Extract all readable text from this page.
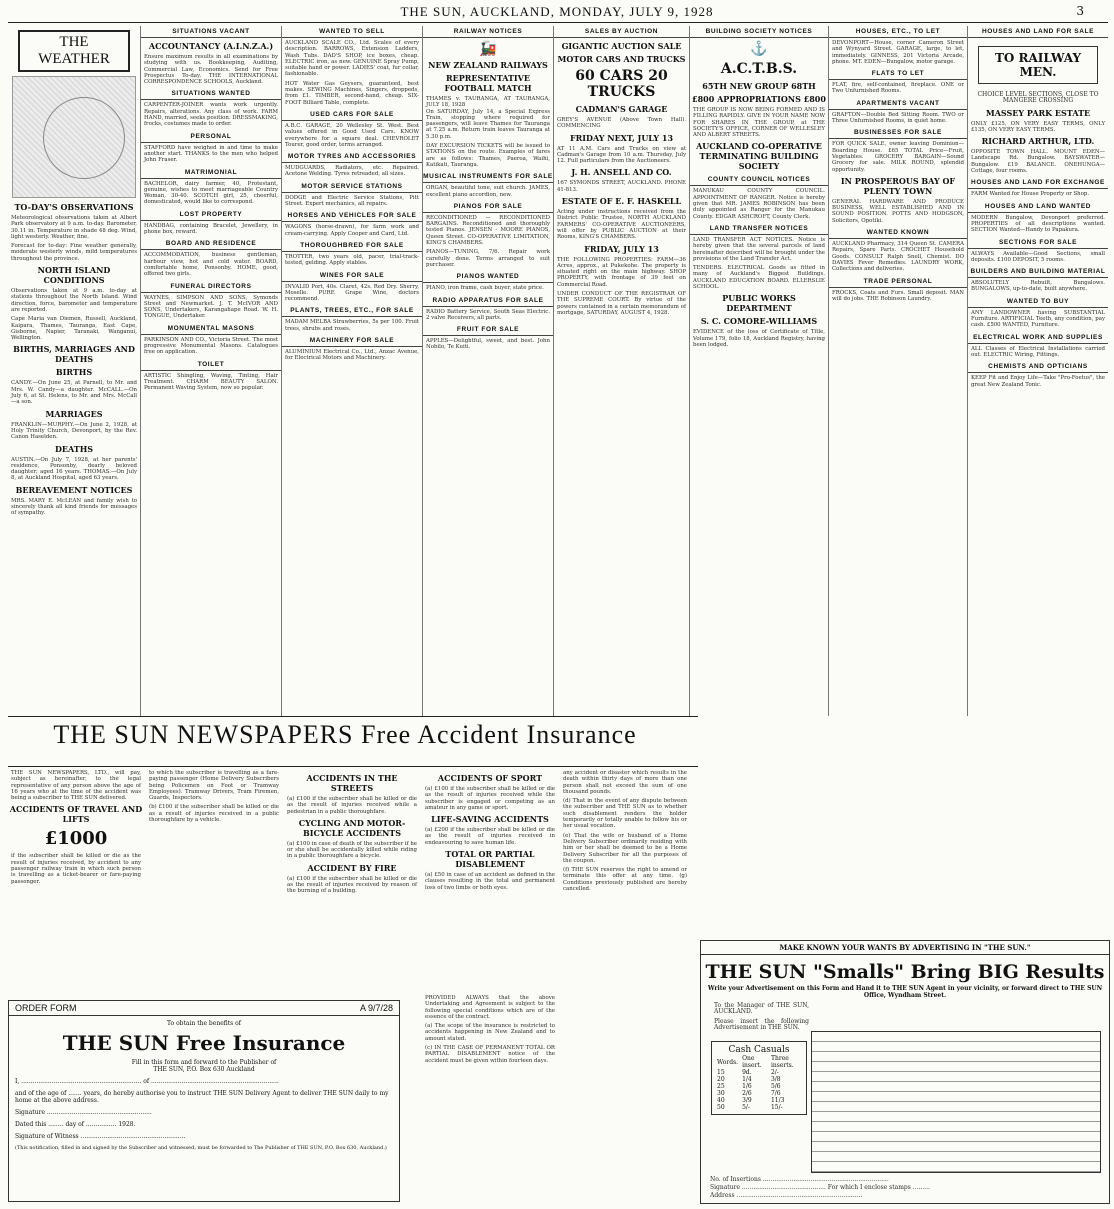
THE SUN, AUCKLAND, MONDAY, JULY 9, 1928	3
THE WEATHER
TO-DAY'S OBSERVATIONS

Meteorological observations taken at Albert Park observatory at 9 a.m. to-day. Barometer, 30.11 in. Temperature in shade 48 deg. Wind, light westerly. Weather, fine.

Forecast for to-day: Fine weather generally, moderate westerly winds, mild temperatures throughout the province.

NORTH ISLAND CONDITIONS

Observations taken at 9 a.m. to-day at stations throughout the North Island. Wind direction, force, barometer and temperature are reported.

Cape Maria van Diemen, Russell, Auckland, Kaipara, Thames, Tauranga, East Cape, Gisborne, Napier, Taranaki, Wanganui, Wellington.

BIRTHS, MARRIAGES AND DEATHS
BIRTHS

CANDY.—On June 25, at Parnell, to Mr. and Mrs. W. Candy—a daughter. McCALL.—On July 6, at St. Helens, to Mr. and Mrs. McCall—a son.

MARRIAGES

FRANKLIN—MURPHY.—On June 2, 1928, at Holy Trinity Church, Devonport, by the Rev. Canon Haselden.

DEATHS

AUSTIN.—On July 7, 1928, at her parents' residence, Ponsonby, dearly beloved daughter; aged 16 years. THOMAS.—On July 8, at Auckland Hospital, aged 63 years.

BEREAVEMENT NOTICES

MRS. MARY E. McLEAN and family wish to sincerely thank all kind friends for messages of sympathy.

SITUATIONS VACANT
ACCOUNTANCY (A.I.N.Z.A.)

Ensure maximum results in all examinations by studying with us. Bookkeeping, Auditing, Commercial Law, Economics. Send for Free Prospectus To-day. THE INTERNATIONAL CORRESPONDENCE SCHOOLS, Auckland.

SITUATIONS WANTED

CARPENTER-JOINER wants work urgently. Repairs, alterations. Any class of work. FARM HAND, married, seeks position. DRESSMAKING, frocks, costumes made to order.

PERSONAL

STAFFORD have weighed in and time to make another start. THANKS to the men who helped John Fraser.

MATRIMONIAL

BACHELOR, dairy farmer, 40, Protestant, genuine, wishes to meet marriageable Country Woman, 30-40. SCOTCH girl, 25, cheerful, domesticated, would like to correspond.

LOST PROPERTY

HANDBAG, containing Bracelet, Jewellery, in phone box, reward.

BOARD AND RESIDENCE

ACCOMMODATION, business gentleman, harbour view, hot and cold water. BOARD, comfortable home, Ponsonby. HOME, good, offered two girls.

FUNERAL DIRECTORS

WAYNES, SIMPSON AND SONS, Symonds Street and Newmarket. J. T. McIVOR AND SONS, Undertakers, Karangahape Road. W. H. TONGUE, Undertaker.

MONUMENTAL MASONS

PARKINSON AND CO., Victoria Street. The most progressive Monumental Masons. Catalogues free on application.

TOILET

ARTISTIC Shingling, Waving, Tinting, Hair Treatment. CHARM BEAUTY SALON. Permanent Waving System, now so popular.

WANTED TO SELL

AUCKLAND SCALE CO., Ltd. Scales of every description. BARROWS, Extension Ladders, Wash Tubs. DAD'S SHOP, ice boxes, cheap. ELECTRIC iron, as new. GENUINE Spray Pump, suitable hand or power. LADIES' coat, fur collar, fashionable.

HOT Water Gas Geysers, guaranteed, best makes. SEWING Machines, Singers, droppeds, from £1. TIMBER, second-hand, cheap. SIX-FOOT Billiard Table, complete.

USED CARS FOR SALE

A.B.C. GARAGE, 20 Wellesley St. West. Best values offered in Good Used Cars. KNOW everywhere for a square deal. CHEVROLET Tourer, good order, terms arranged.

MOTOR TYRES AND ACCESSORIES

MUDGUARDS, Radiators, etc. Repaired. Acetone Welding. Tyres retreaded, all sizes.

MOTOR SERVICE STATIONS

DODGE and Electric Service Stations, Pitt Street. Expert mechanics, all repairs.

HORSES AND VEHICLES FOR SALE

WAGONS (horse-drawn), for farm work and cream-carrying. Apply Cooper and Card, Ltd.

THOROUGHBRED FOR SALE

TROTTER, two years old, pacer, trial-track-tested, gelding. Apply stables.

WINES FOR SALE

INVALID Port, 40s. Claret, 42s. Red Dry. Sherry, Moselle. PURE Grape Wine, doctors recommend.

PLANTS, TREES, ETC., FOR SALE

MADAM MELBA Strawberries, 5s per 100. Fruit trees, shrubs and roses.

MACHINERY FOR SALE

ALUMINIUM Electrical Co., Ltd., Anzac Avenue, for Electrical Motors and Machinery.

RAILWAY NOTICES
🚂
NEW ZEALAND RAILWAYS
REPRESENTATIVE FOOTBALL MATCH
THAMES v. TAURANGA, AT TAURANGA, JULY 18, 1928

On SATURDAY, July 14, a Special Express Train, stopping where required for passengers, will leave Thames for Tauranga at 7.25 a.m. Return train leaves Tauranga at 5.30 p.m.

DAY EXCURSION TICKETS will be issued to STATIONS on the route. Examples of fares are as follows: Thames, Paeroa, Waihi, Katikati, Tauranga.

MUSICAL INSTRUMENTS FOR SALE

ORGAN, beautiful tone, suit church. JAMES, excellent piano accordion, new.

PIANOS FOR SALE

RECONDITIONED — RECONDITIONED BARGAINS. Reconditioned and thoroughly tested Pianos. JENSEN - MOORE PIANOS, Queen Street. CO-OPERATIVE LIMITATION, KING'S CHAMBERS.

PIANOS—TUNING, 7/6. Repair work carefully done. Terms arranged to suit purchaser.

PIANOS WANTED

PIANO, iron frame, cash buyer, state price.

RADIO APPARATUS FOR SALE

RADIO Battery Service, South Seas Electric. 2 valve Receivers, all parts.

FRUIT FOR SALE

APPLES—Delightful, sweet, and best. John Nobilo, Te Kuiti.

SALES BY AUCTION
GIGANTIC AUCTION SALE
MOTOR CARS AND TRUCKS
60 CARS 20 TRUCKS
CADMAN'S GARAGE

GREY'S AVENUE (Above Town Hall). COMMENCING

FRIDAY NEXT, JULY 13

AT 11 A.M. Cars and Trucks on view at Cadman's Garage from 10 a.m. Thursday, July 12. Full particulars from the Auctioneers.

J. H. ANSELL AND CO.

167 SYMONDS STREET, AUCKLAND. PHONE 41-813.

ESTATE OF E. F. HASKELL

Acting under instructions received from the District Public Trustee, NORTH AUCKLAND FARMERS' CO-OPERATIVE AUCTIONEERS, will offer by PUBLIC AUCTION at their Rooms, KING'S CHAMBERS.

FRIDAY, JULY 13

THE FOLLOWING PROPERTIES: FARM—36 Acres, approx., at Pukekohe. The property is situated right on the main highway. SHOP PROPERTY, with frontage of 39 feet on Commercial Road.

UNDER CONDUCT OF THE REGISTRAR OF THE SUPREME COURT. By virtue of the powers contained in a certain memorandum of mortgage, SATURDAY, AUGUST 4, 1928.

BUILDING SOCIETY NOTICES
⚓
A.C.T.B.S.
65TH NEW GROUP 68TH
£800 APPROPRIATIONS £800

THE GROUP IS NOW BEING FORMED AND IS FILLING RAPIDLY. GIVE IN YOUR NAME NOW FOR SHARES IN THE GROUP, at THE SOCIETY'S OFFICE, CORNER OF WELLESLEY AND ALBERT STREETS.

AUCKLAND CO-OPERATIVE TERMINATING BUILDING SOCIETY
COUNTY COUNCIL NOTICES

MANUKAU COUNTY COUNCIL. APPOINTMENT OF RANGER. Notice is hereby given that MR. JAMES ROBINSON has been duly appointed as Ranger for the Manukau County. EDGAR ASHCROFT, County Clerk.

LAND TRANSFER NOTICES

LAND TRANSFER ACT NOTICES. Notice is hereby given that the several parcels of land hereinafter described will be brought under the provisions of the Land Transfer Act.

TENDERS. ELECTRICAL Goods as fitted in many of Auckland's Biggest Buildings. AUCKLAND EDUCATION BOARD. ELLERSLIE SCHOOL.

PUBLIC WORKS DEPARTMENT
S. C. COMORE-WILLIAMS

EVIDENCE of the loss of Certificate of Title, Volume 179, folio 18, Auckland Registry, having been lodged.

HOUSES, ETC., TO LET

DEVONPORT—House, corner Cameron Street and Wynyard Street. GARAGE, large, to let, immediately. GINNESS, 201 Victoria Arcade, phone. MT. EDEN—Bungalow, motor garage.

FLATS TO LET

FLAT, fire, self-contained, fireplace. ONE or Two Unfurnished Rooms.

APARTMENTS VACANT

GRAFTON—Double Bed Sitting Room. TWO or Three Unfurnished Rooms, in quiet home.

BUSINESSES FOR SALE

FOR QUICK SALE, owner leaving Dominion—Boarding House. £65 TOTAL Price—Fruit, Vegetables. GROCERY BARGAIN—Sound Grocery for sale. MILK ROUND, splendid opportunity.

IN PROSPEROUS BAY OF PLENTY TOWN

GENERAL HARDWARE AND PRODUCE BUSINESS, WELL ESTABLISHED AND IN SOUND POSITION. POTTS AND HODGSON, Solicitors, Opotiki.

WANTED KNOWN

AUCKLAND Pharmacy, 314 Queen St. CAMERA Repairs, Spare Parts. CROCHET Household Goods. CONSULT Ralph Snell, Chemist. DO DAVIES Fever Remedies. LAUNDRY WORK, Collections and deliveries.

TRADE PERSONAL

FROCKS, Coats and Furs. Small deposit. MAN will do jobs. THE Robinson Laundry.

HOUSES AND LAND FOR SALE
TO RAILWAY MEN.
CHOICE LEVEL SECTIONS, CLOSE TO MANGERE CROSSING
MASSEY PARK ESTATE

ONLY £125, ON VERY EASY TERMS, ONLY £135, ON VERY EASY TERMS.

RICHARD ARTHUR, LTD.

OPPOSITE TOWN HALL. MOUNT EDEN—Landscape Rd. Bungalow. BAYSWATER—Bungalow. £19 BALANCE. ONEHUNGA—Cottage, four rooms.

HOUSES AND LAND FOR EXCHANGE

FARM Wanted for House Property or Shop.

HOUSES AND LAND WANTED

MODERN Bungalow, Devonport preferred. PROPERTIES of all descriptions wanted. SECTION Wanted—Handy to Papakura.

SECTIONS FOR SALE

ALWAYS Available—Good Sections, small deposits. £100 DEPOSIT, 5 rooms.

BUILDERS AND BUILDING MATERIAL

ABSOLUTELY Rebuilt, Bungalows. BUNGALOWS, up-to-date, built anywhere.

WANTED TO BUY

ANY LANDOWNER having SUBSTANTIAL Furniture. ARTIFICIAL Teeth, any condition, pay cash. £500 WANTED, Furniture.

ELECTRICAL WORK AND SUPPLIES

ALL Classes of Electrical Installations carried out. ELECTRIC Wiring, Fittings.

CHEMISTS AND OPTICIANS

KEEP Fit and Enjoy Life—Take "Pro-Foetus", the great New Zealand Tonic.

THE SUN NEWSPAPERS Free Accident Insurance

THE SUN NEWSPAPERS, LTD., will pay, subject as hereinafter, to the legal representative of any person above the age of 16 years who at the time of the accident was being a subscriber to THE SUN delivered.

ACCIDENTS OF TRAVEL AND LIFTS
£1000

if the subscriber shall be killed or die as the result of injuries received, by accident to any passenger railway train in which such person is travelling as a ticket-bearer or fare-paying passenger.

to which the subscriber is travelling as a fare-paying passenger (Home Delivery Subscribers being Policemen on Foot or Tramway Employees). Tramway Drivers, Tram Firemen, Guards, Inspectors.

(b) £100 if the subscriber shall be killed or die as a result of injuries received in a public thoroughfare by a vehicle.

ACCIDENTS IN THE STREETS

(a) £100 if the subscriber shall be killed or die as the result of injuries received while a pedestrian in a public thoroughfare.

CYCLING AND MOTOR-BICYCLE ACCIDENTS

(a) £100 in case of death of the subscriber if he or she shall be accidentally killed while riding in a public thoroughfare a bicycle.

ACCIDENT BY FIRE

(a) £100 if the subscriber shall be killed or die as the result of injuries received by reason of the burning of a building.

ACCIDENTS OF SPORT

(a) £100 if the subscriber shall be killed or die as the result of injuries received while the subscriber is engaged or competing as an amateur in any game or sport.

LIFE-SAVING ACCIDENTS

(a) £200 if the subscriber shall be killed or die as the result of injuries received in endeavouring to save human life.

TOTAL OR PARTIAL DISABLEMENT

(a) £50 in case of an accident as defined in the clauses resulting in the total and permanent loss of two limbs or both eyes.

any accident or disaster which results in the death within thirty days of more than one person shall not exceed the sum of one thousand pounds.

(d) That in the event of any dispute between the subscriber and THE SUN as to whether such disablement renders the holder temporarily or totally unable to follow his or her usual vocation.

(e) That the wife or husband of a Home Delivery Subscriber ordinarily residing with him or her shall be deemed to be a Home Delivery Subscriber for all the purposes of the coupon.

(f) THE SUN reserves the right to amend or terminate this offer at any time. (g) Conditions previously published are hereby cancelled.

PROVIDED ALWAYS that the above Undertaking and Agreement is subject to the following special conditions which are of the essence of the contract.

(a) The scope of the insurance is restricted to accidents happening in New Zealand and to amount stated.

(c) IN THE CASE OF PERMANENT TOTAL OR PARTIAL DISABLEMENT notice of the accident must be given within fourteen days.

ORDER FORM	A 9/7/28
To obtain the benefits of
THE SUN Free Insurance
Fill in this form and forward to the Publisher of
THE SUN, P.O. Box 630 Auckland
I, ............................................................... of ...................................................................
and of the age of ....... years, do hereby authorise you to instruct THE SUN Delivery Agent to deliver THE SUN daily to my home at the above address.
Signature .......................................................
Dated this ........ day of ................ 1928.
Signature of Witness .......................................................
(This notification, filled in and signed by the Subscriber and witnessed, must be forwarded to The Publisher of THE SUN, P.O. Box 630, Auckland.)
MAKE KNOWN YOUR WANTS BY ADVERTISING IN "THE SUN."
THE SUN "Smalls" Bring BIG Results
Write your Advertisement on this Form and Hand it to THE SUN Agent in your vicinity, or forward direct to THE SUN Office, Wyndham Street.
To the Manager of THE SUN, AUCKLAND.
Please insert the following Advertisement in THE SUN.
Cash Casuals
Words.	One insert.	Three inserts.
15	9d.	2/-
20	1/4	3/8
25	1/6	5/6
30	2/6	7/6
40	3/9	11/3
50	5/-	15/-
No. of Insertions ..................................................................
Signature ............................................ For which I enclose stamps .........
Address ..................................................................
